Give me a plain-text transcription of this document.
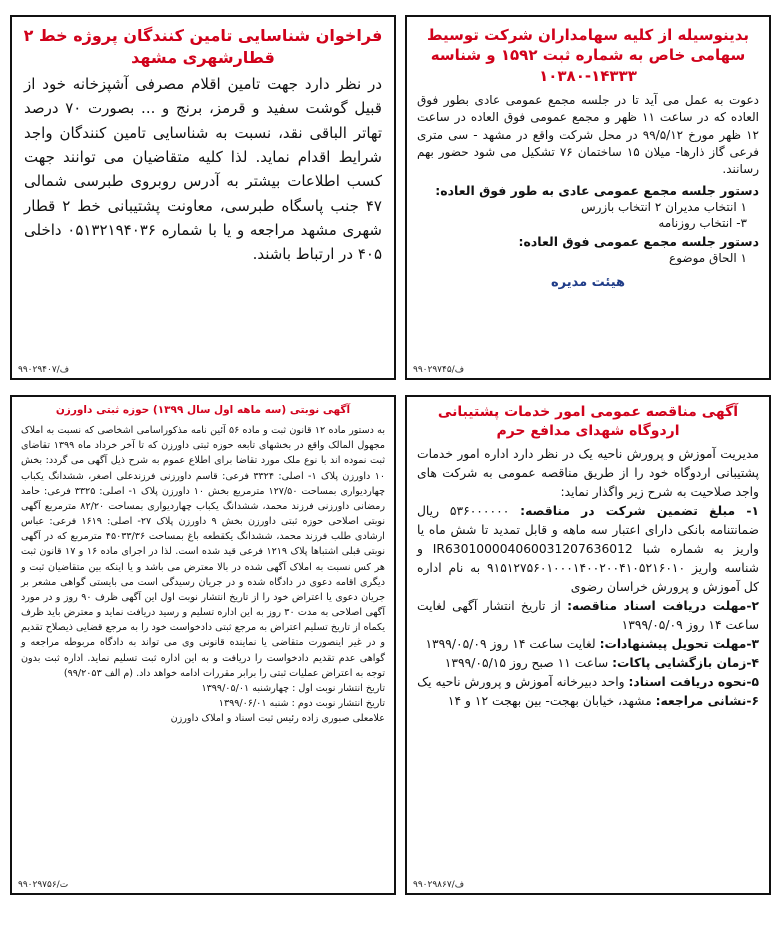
بدینوسیله از کلیه سهامداران شرکت توسیط سهامی خاص به شماره ثبت ۱۵۹۲ و شناسه ۱۴۳۳۳-۱۰۳۸۰
دعوت به عمل می آید تا در جلسه مجمع عمومی عادی بطور فوق العاده که در ساعت ۱۱ ظهر و مجمع عمومی فوق العاده در ساعت ۱۲ ظهر مورخ ۹۹/۵/۱۲ در محل شرکت واقع در مشهد - سی متری فرعی گاز ذارها- میلان ۱۵ ساختمان ۷۶ تشکیل می شود حضور بهم رسانند.
دستور جلسه مجمع عمومی عادی به طور فوق العاده:
۱ انتخاب مدیران ۲ انتخاب بازرس
۳- انتخاب روزنامه
دستور جلسه مجمع عمومی فوق العاده:
۱ الحاق موضوع
هیئت مدیره
۹۹۰۲۹۷۴۵/ف
فراخوان شناسایی تامین کنندگان پروژه خط ۲ قطارشهری مشهد
در نظر دارد جهت تامین اقلام مصرفی آشپزخانه خود از قبیل گوشت سفید و قرمز، برنج و ... بصورت ۷۰ درصد تهاتر الباقی نقد، نسبت به شناسایی تامین کنندگان واجد شرایط اقدام نماید. لذا کلیه متقاضیان می توانند جهت کسب اطلاعات بیشتر به آدرس روبروی طبرسی شمالی ۴۷ جنب پاسگاه طبرسی، معاونت پشتیبانی خط ۲ قطار شهری مشهد مراجعه و یا با شماره ۰۵۱۳۲۱۹۴۰۳۶ داخلی ۴۰۵ در ارتباط باشند.
۹۹۰۲۹۴۰۷/ف
آگهی مناقصه عمومی امور خدمات پشتیبانی اردوگاه شهدای مدافع حرم
مدیریت آموزش و پرورش ناحیه یک در نظر دارد اداره امور خدمات پشتیبانی اردوگاه خود را از طریق مناقصه عمومی به شرکت های واجد صلاحیت به شرح زیر واگذار نماید:
۱- مبلغ تضمین شرکت در مناقصه: ۵۳۶۰۰۰۰۰۰ ریال ضمانتنامه بانکی دارای اعتبار سه ماهه و قابل تمدید تا شش ماه یا واریز به شماره شبا IR630100004060031207636012 و شناسه واریز ۹۱۵۱۲۷۵۶۰۱۰۰۰۱۴۰۰۲۰۰۴۱۰۵۲۱۶۰۱۰ به نام اداره کل آموزش و پرورش خراسان رضوی
۲-مهلت دریافت اسناد مناقصه: از تاریخ انتشار آگهی لغایت ساعت ۱۴ روز ۱۳۹۹/۰۵/۰۹
۳-مهلت تحویل پیشنهادات: لغایت ساعت ۱۴ روز ۱۳۹۹/۰۵/۰۹
۴-زمان بازگشایی پاکات: ساعت ۱۱ صبح روز ۱۳۹۹/۰۵/۱۵
۵-نحوه دریافت اسناد: واحد دبیرخانه آموزش و پرورش ناحیه یک
۶-نشانی مراجعه: مشهد، خیابان بهجت- بین بهجت ۱۲ و ۱۴
۹۹۰۲۹۸۶۷/ف
آگهی نوبتی (سه ماهه اول سال ۱۳۹۹) حوزه ثبتی داورزن
به دستور ماده ۱۲ قانون ثبت و ماده ۵۶ آئین نامه مذکوراسامی اشخاصی که نسبت به املاک مجهول المالک واقع در بخشهای تابعه حوزه ثبتی داورزن که تا آخر خرداد ماه ۱۳۹۹ تقاضای ثبت نموده اند با نوع ملک مورد تقاضا برای اطلاع عموم به شرح ذیل آگهی می گردد: بخش ۱۰ داورزن پلاک ۱- اصلی: ۳۳۲۴ فرعی: قاسم داورزنی فرزندعلی اصغر، ششدانگ یکباب چهاردیواری بمساحت ۱۲۷/۵۰ مترمربع بخش ۱۰ داورزن پلاک ۱- اصلی: ۳۳۲۵ فرعی: حامد رمضانی داورزنی فرزند محمد، ششدانگ یکباب چهاردیواری بمساحت ۸۲/۲۰ مترمربع آگهی نوبتی اصلاحی حوزه ثبتی داورزن بخش ۹ داورزن پلاک ۲۷- اصلی: ۱۶۱۹ فرعی: عباس ارشادی طلب فرزند محمد، ششدانگ یکقطعه باغ بمساحت ۴۵۰۳۳/۳۶ مترمربع که در آگهی نوبتی قبلی اشتباها پلاک ۱۲۱۹ فرعی قید شده است. لذا در اجرای ماده ۱۶ و ۱۷ قانون ثبت هر کس نسبت به املاک آگهی شده در بالا معترض می باشد و یا اینکه بین متقاضیان ثبت و دیگری اقامه دعوی در دادگاه شده و در جریان رسیدگی است می بایستی گواهی مشعر بر جریان دعوی یا اعتراض خود را از تاریخ انتشار نوبت اول این آگهی ظرف ۹۰ روز و در مورد آگهی اصلاحی به مدت ۳۰ روز به این اداره تسلیم و رسید دریافت نماید و معترض باید ظرف یکماه از تاریخ تسلیم اعتراض به مرجع ثبتی دادخواست خود را به مرجع قضایی ذیصلاح تقدیم و در غیر اینصورت متقاضی یا نماینده قانونی وی می تواند به دادگاه مربوطه مراجعه و گواهی عدم تقدیم دادخواست را دریافت و به این اداره ثبت تسلیم نماید. اداره ثبت بدون توجه به اعتراض عملیات ثبتی را برابر مقررات ادامه خواهد داد. (م الف ۹۹/۲۰۵۳)
تاریخ انتشار نوبت اول : چهارشنبه ۱۳۹۹/۰۵/۰۱
تاریخ انتشار نوبت دوم : شنبه ۱۳۹۹/۰۶/۰۱
علامعلی صبوری زاده رئیس ثبت اسناد و املاک داورزن
۹۹۰۲۹۷۵۶/ت
